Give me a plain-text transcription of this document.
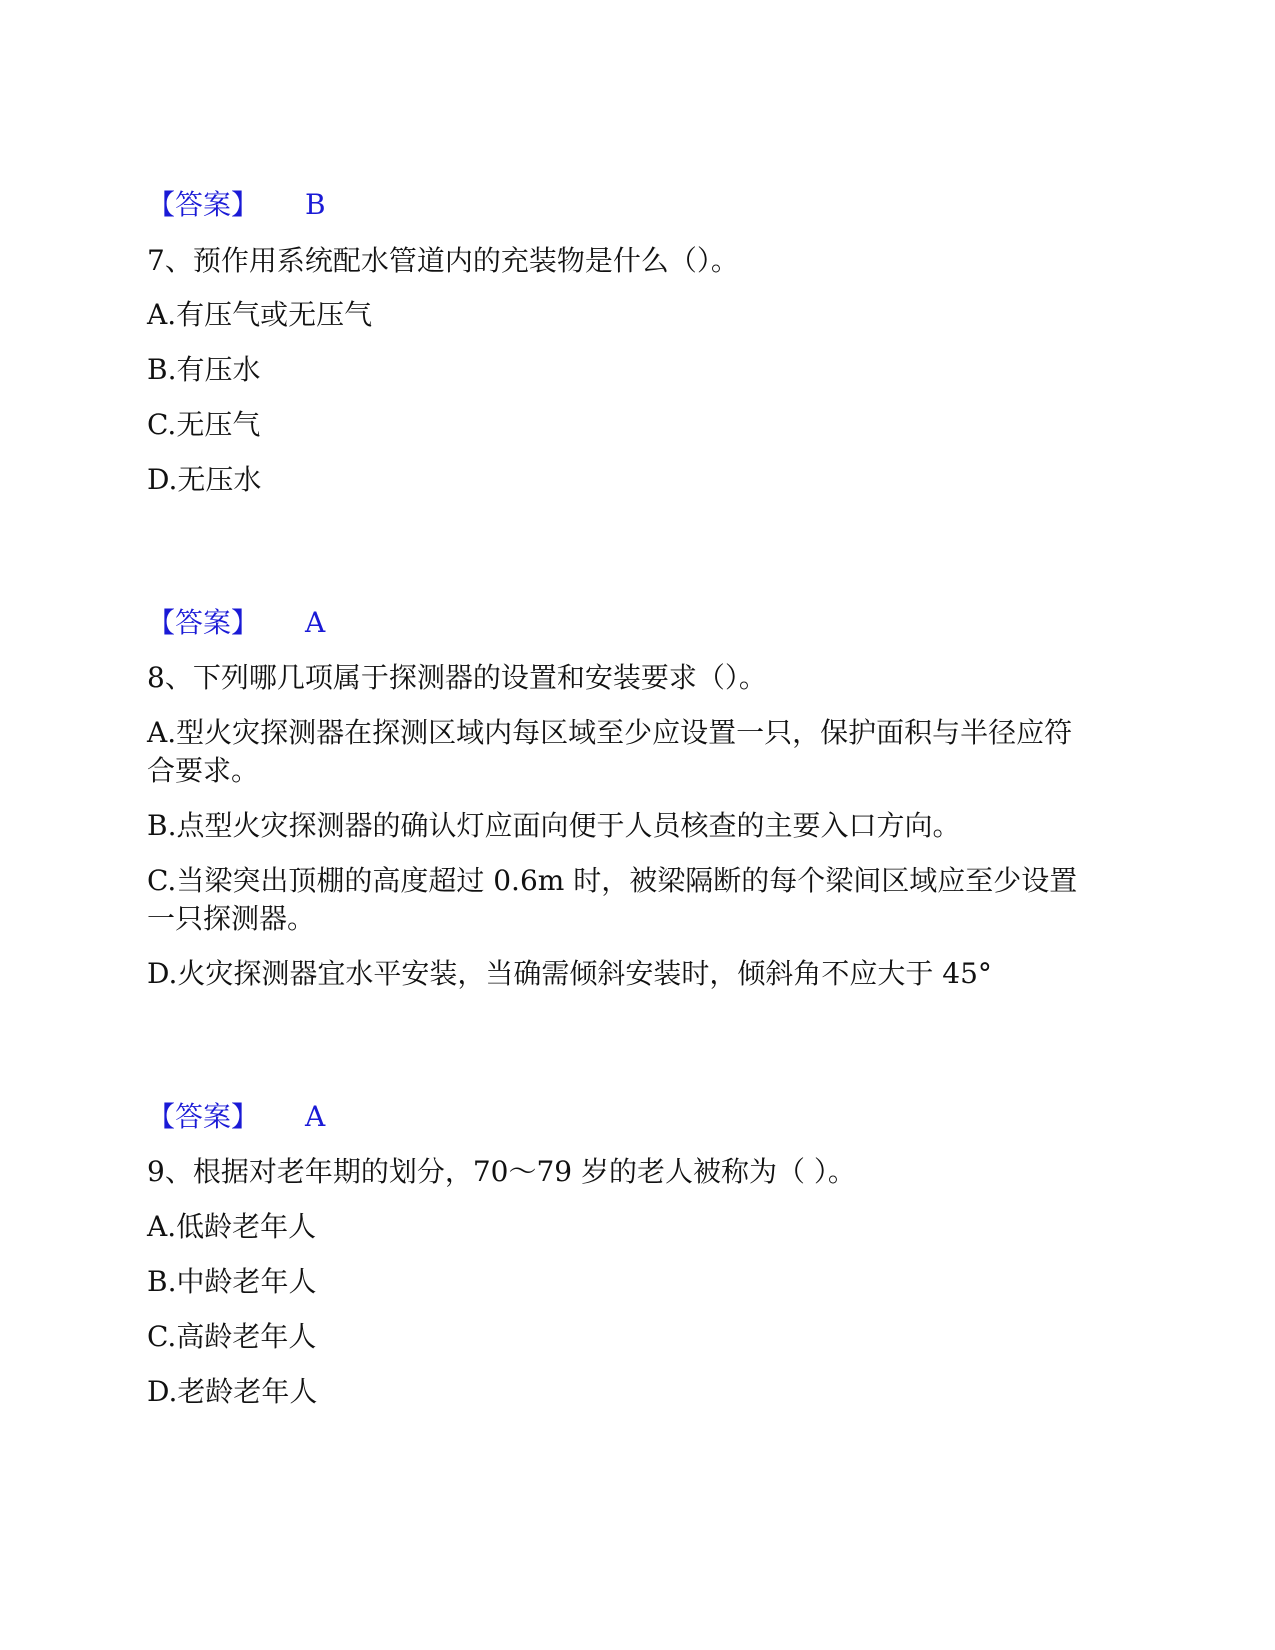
【答案】 B
7、预作用系统配水管道内的充装物是什么（）。
A.有压气或无压气
B.有压水
C.无压气
D.无压水
【答案】 A
8、下列哪几项属于探测器的设置和安装要求（）。
A.型火灾探测器在探测区域内每区域至少应设置一只，保护面积与半径应符
合要求。
B.点型火灾探测器的确认灯应面向便于人员核查的主要入口方向。
C.当梁突出顶棚的高度超过 0.6m 时，被梁隔断的每个梁间区域应至少设置
一只探测器。
D.火灾探测器宜水平安装，当确需倾斜安装时，倾斜角不应大于 45°
【答案】 A
9、根据对老年期的划分，70～79 岁的老人被称为（ ）。
A.低龄老年人
B.中龄老年人
C.高龄老年人
D.老龄老年人
